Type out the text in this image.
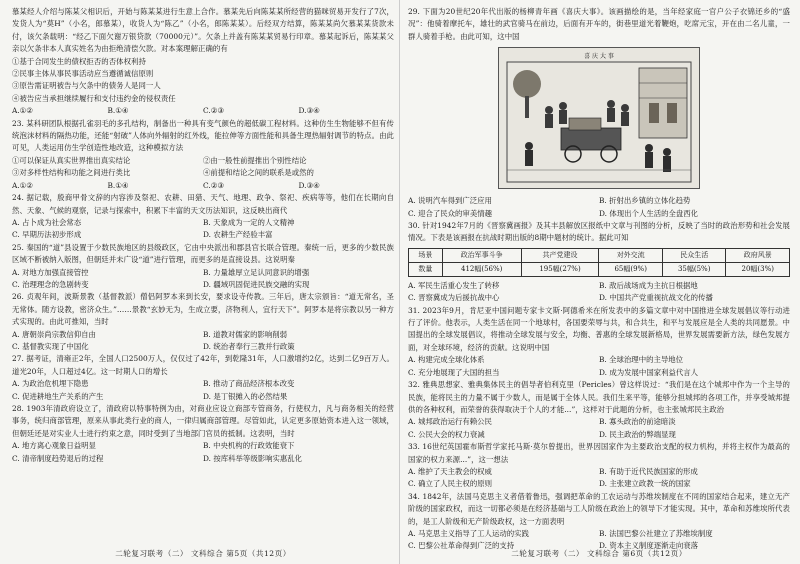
慕某经人介绍与陈某父相识后，开始与陈某某进行生意上合作。慕某先后向陈某某所经营的猫咪贸易开发行了7次，发货人为“莫H”（小名，郎慕某），收货人为“陈乙”（小名，郎陈某某）。后经双方结算，陈某某尚欠慕某某货款未付，该欠条载明：“经乙下面欠谢万银贷款（70000元）”。欠条上并盖有陈某某贸易行印章。慕某起诉后，陈某某父亲以欠条非本人真实姓名为由拒绝清偿欠款。对本案理解正确的有

①基于合同发生的债权拒否的否体权利持

②民事主体从事民事活动应当遵循诚信原则

③原告需证明被告与欠条中的债务人是同一人

④被告应当承担继续履行和支付违约金的侵权责任

A.①②	B.①④	C.②③	D.③④

23. 某科研团队根据孔雀羽毛的多孔结构，制备出一种具有变气颜色的超低碳工程材料。这种仿生生物能够不但有传统泡沫材料的隔热功能，还能“射破”人体向外辐射的红外线，能拉伸等方面性能和具备生理热辐射调节的特点。由此可见，人类运用仿生学创造性地改造，这种模拟方法

①可以保证从真实世界推出真实结论	②由一般性前提推出个别性结论
③对多样性结构和功能之间进行类比	④前提和结论之间的联系是或然的
A.①②	B.①④	C.②③	D.③④

24. 据记载，殷商甲骨文辞的内容涉及祭祀、农耕、田猎、天气、地理、政争、祭祀、疾病等等，他们在长期向自然、天象、气候的观察，记录与探索中，积累下丰富的天文历法知识，这反映出商代

A. 占卜成为社会常态	B. 天象成为一定的人文精神
C. 早期历法初步形成	D. 农耕生产经验丰富

25. 秦国的“道”县设置于少数民族地区的县级政区，它由中央派出和郡县官长联合管理。秦统一后，更多的少数民族区域不断被纳入版图，但朝廷并未广设“道”进行管理，而更多的是直接设县。这说明秦

A. 对地方加强直接管控	B. 力量雄厚立足认同意识的增强
C. 治理理念的急剧转变	D. 疆域巩固促进民族交融的实现

26. 贞观年间，波斯景教（基督教派）僧侣阿罗本来到长安，要求设寺传教。三年后，唐太宗颁旨：“道无常名，圣无常体。随方设教，密济众生。”……景教“玄妙无为，生成立要，济物利人，宜行天下”。阿罗本是将宗教以另一种方式实现的。由此可推知，当时

A. 唐朝崇尚宗教信仰自由	B. 道教对儒家的影响削弱
C. 基督教实现了中国化	D. 统治者奉行三教并行政策

27. 据考证，清雍正2年，全国人口2500万人，仅仅过了42年，到乾隆31年，人口激增约2亿，达到二亿9百万人。道光20年，人口超过4亿。这一时期人口的增长

A. 为政治危机埋下隐患	B. 推动了商品经济根本改变
C. 促进耕地生产关系的产生	D. 是丁银摊入的必然结果

28. 1903年清政府设立了，清政府以特事特例为由，对商业应设立商部专管商务，行使权力，凡与商务相关的经营事务，统归商部管理，原来从事此类行业的商人，一律归属商部管理。尽管如此，认定更多原始资本进入这一领域，但朝廷还是对实业人士进行约束之意，同时受到了当地部门官员的抵制。这表明，当时

A. 地方离心观象日益明显	B. 中央机构的行政效能衰下
C. 清帝制度趋势退后的过程	D. 按库科举等级影响实惠乱化
二轮复习联考（二） 文科综合 第5页（共12页）

29. 下面为20世纪20年代出版的杨柳青年画《喜庆大事》。该画描绘的是，当年经家庭一官户公子衣锦还乡的“盛况”：他骑着摩托车，雄壮的武官骑马在前边，后面有开车的，街巷里道光着鞭炮，吃席元宝，开在由二名儿童，一群人骑着手枪。由此可知，这中国

喜 庆 大 事
A. 说明汽车得到广泛应用	B. 折射出乡镇的立体化趋势
C. 迎合了民众的审美情趣	D. 体现出个人生活的全盘西化

30. 针对1942年7月的《晋察冀画报》及其丰县解放区报纸中文章与刊图的分析，反映了当时的政治形势和社会发展情况。下表是该画报在抗战时期出版的8期中题材的统计。据此可知

场景	政治军事斗争	共产党建设	对外交流	民众生活	政府风景
数量	412幅(56%)	195幅(27%)	65幅(9%)	35幅(5%)	20幅(3%)
A. 军民生活重心发生了转移	B. 敌后战场成为主抗日根据地
C. 晋察冀成为后援抗战中心	D. 中国共产党重视抗战文化的传播

31. 2023年9月，肯尼亚中国问题专家卡文斯·阿德希米在所发表中的多篇文章中对中国推进全球发展倡议等行动进行了评价。他表示，人类生活在同一个地球村，各国要荣辱与共，和合共生，和平与发展应是全人类的共同愿景。中国提出的全球发展倡议，将推动全球发展与安全，均衡、普惠的全球发展新格局，世界发展需要新方法，绿色发展方面，对全球环境，经济的贡献。这说明中国

A. 构建完成全球化体系	B. 全球治理中的主导地位
C. 充分地展现了大国的担当	D. 成为发展中国家利益代言人

32. 雅典思想家、雅典集体民主的倡导者伯利克里（Pericles）曾这样说过：“我们是在这个城邦中作为一个主导的民族，能将民主的力量不属于少数人，而是属于全体人民。我们生来平等，能够分担城邦的各项工作，并享受城邦提供的各种权利，而荣誉的获得取决于个人的才能...”，这样对于此题的分析，也主张城邦民主政治

A. 城邦政治运行有赖公民	B. 寡头政治的前途暗淡
C. 公民大会的权力衰减	D. 民主政治的弊端显现

33. 16世纪英国霍布斯哲学家托马斯·莫尔曾提出，世界因国家作为主要政治支配的权力机构，并将主权作为最高的国家的权力来源...”，这一想法

A. 维护了天主教会的权威	B. 有助于近代民族国家的形成
C. 确立了人民主权的原则	D. 主张建立政教一统的国家

34. 1842年，法国马克思主义者借着鲁迅，强调把革命的工农运动与苏维埃制度在不同的国家结合起来，建立无产阶级的国家政权，而这一切都必须是在经济基础与工人阶级在政治上的领导下才能实现。其中，革命和苏维埃所代表的，是工人阶级和无产阶级政权，这一方面表明

A. 马克思主义指导了工人运动的实践	B. 法国巴黎公社建立了苏维埃制度
C. 巴黎公社革命得到广泛的支持	D. 资本主义制度逐渐走向衰落
二轮复习联考（二） 文科综合 第6页（共12页）
